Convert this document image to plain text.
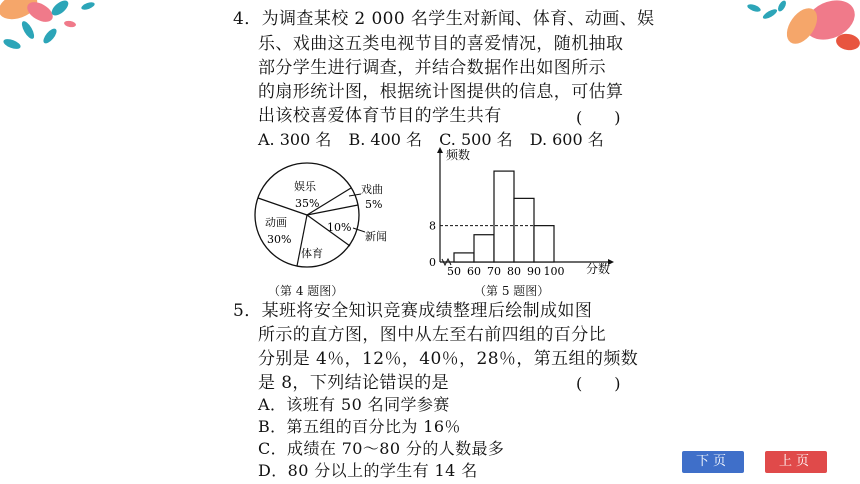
4．为调查某校 2 000 名学生对新闻、体育、动画、娱
乐、戏曲这五类电视节目的喜爱情况，随机抽取
部分学生进行调查，并结合数据作出如图所示
的扇形统计图，根据统计图提供的信息，可估算
出该校喜爱体育节目的学生共有	(　　)
A. 300 名 B. 400 名 C. 500 名 D. 600 名
娱乐
35%
戏曲
5%
动画
30%
10%
新闻
体育
（第 4 题图）
频数
分数
8
0
50 60 70 80 90 100
（第 5 题图）
5．某班将安全知识竞赛成绩整理后绘制成如图
所示的直方图，图中从左至右前四组的百分比
分别是 4％，12％，40％，28％，第五组的频数
是 8，下列结论错误的是	(　　)
A．该班有 50 名同学参赛
B．第五组的百分比为 16％
C．成绩在 70～80 分的人数最多
D．80 分以上的学生有 14 名	下页	上页
